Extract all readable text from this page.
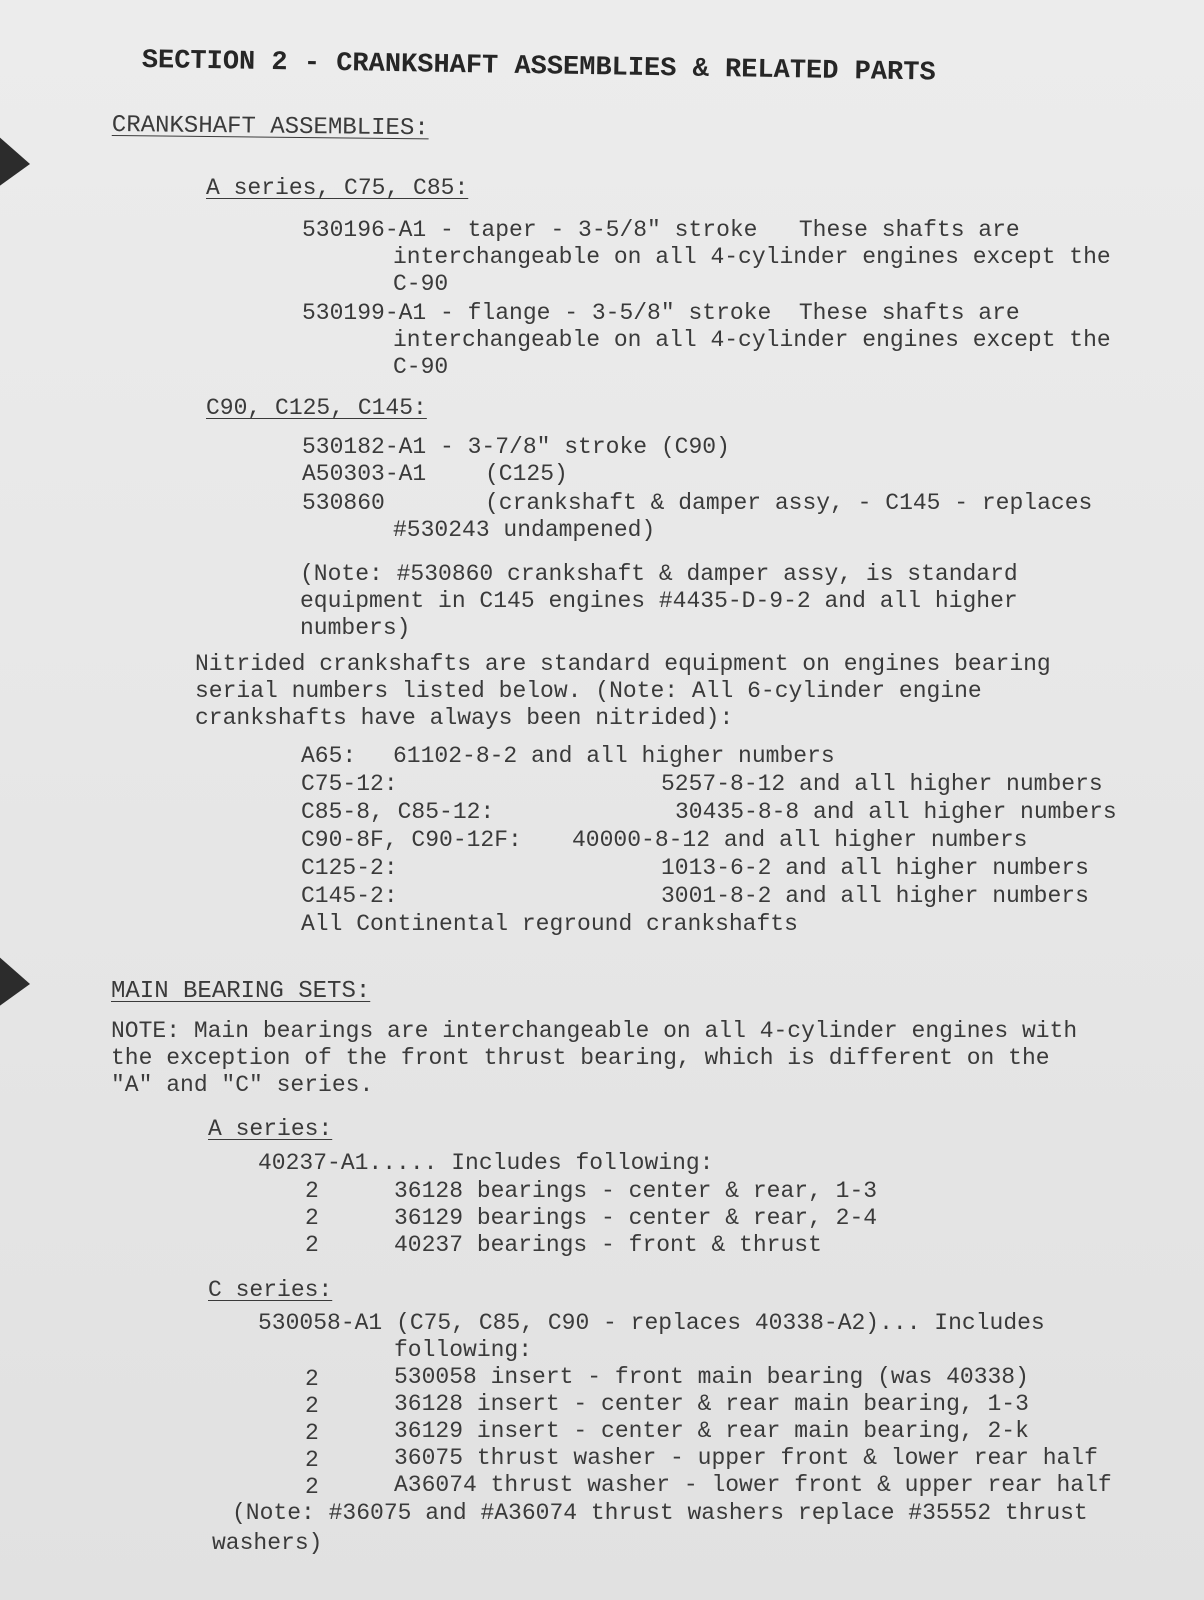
SECTION 2 - CRANKSHAFT ASSEMBLIES & RELATED PARTS
CRANKSHAFT ASSEMBLIES:
A series, C75, C85:
530196-A1 - taper - 3-5/8" stroke   These shafts are
interchangeable on all 4-cylinder engines except the
C-90
530199-A1 - flange - 3-5/8" stroke  These shafts are
interchangeable on all 4-cylinder engines except the
C-90
C90, C125, C145:
530182-A1 - 3-7/8" stroke (C90)
A50303-A1	(C125)
530860	(crankshaft & damper assy, - C145 - replaces
#530243 undampened)
(Note: #530860 crankshaft & damper assy, is standard
equipment in C145 engines #4435-D-9-2 and all higher
numbers)
Nitrided crankshafts are standard equipment on engines bearing
serial numbers listed below. (Note: All 6-cylinder engine
crankshafts have always been nitrided):
A65: 61102-8-2 and all higher numbers
C75-12:	5257-8-12 and all higher numbers
C85-8, C85-12:	30435-8-8 and all higher numbers
C90-8F, C90-12F: 40000-8-12 and all higher numbers
C125-2:	1013-6-2 and all higher numbers
C145-2:	3001-8-2 and all higher numbers
All Continental reground crankshafts
MAIN BEARING SETS:
NOTE: Main bearings are interchangeable on all 4-cylinder engines with
the exception of the front thrust bearing, which is different on the
"A" and "C" series.
A series:
40237-A1..... Includes following:
2	36128 bearings - center & rear, 1-3
2	36129 bearings - center & rear, 2-4
2	40237 bearings - front & thrust
C series:
530058-A1 (C75, C85, C90 - replaces 40338-A2)... Includes
following:
2	530058 insert - front main bearing (was 40338)
2	36128 insert - center & rear main bearing, 1-3
2	36129 insert - center & rear main bearing, 2-k
2	36075 thrust washer - upper front & lower rear half
2	A36074 thrust washer - lower front & upper rear half
(Note: #36075 and #A36074 thrust washers replace #35552 thrust
washers)
